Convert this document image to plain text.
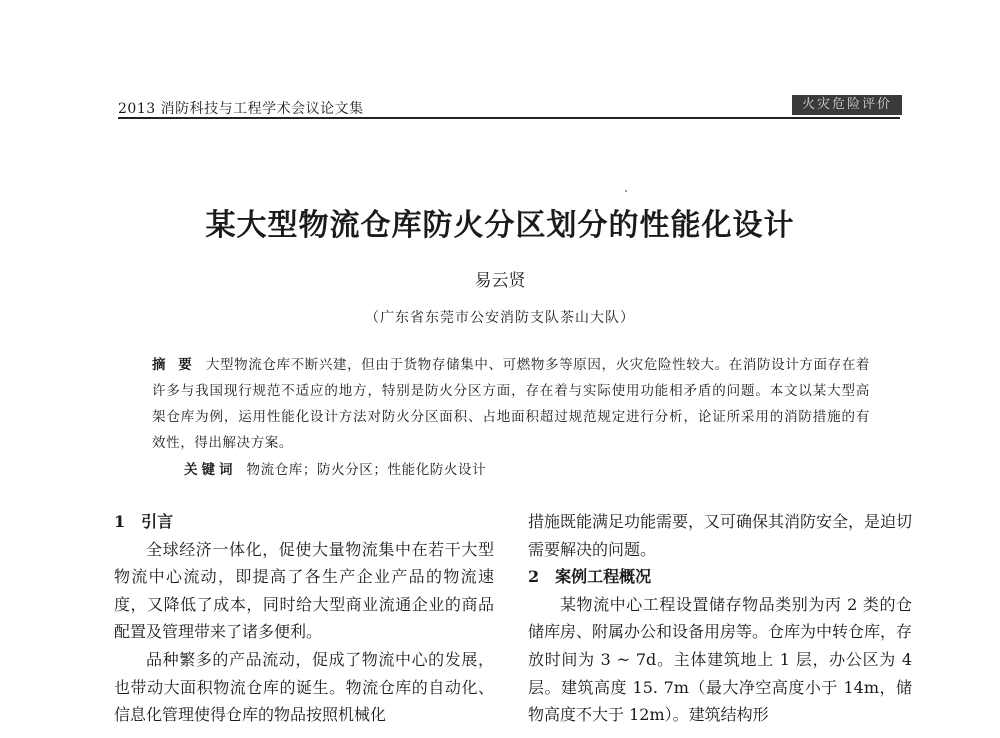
2013 消防科技与工程学术会议论文集	火灾危险评价
某大型物流仓库防火分区划分的性能化设计
易云贤
（广东省东莞市公安消防支队茶山大队）
摘 要 大型物流仓库不断兴建，但由于货物存储集中、可燃物多等原因，火灾危险性较大。在消防设计方面存在着许多与我国现行规范不适应的地方，特别是防火分区方面，存在着与实际使用功能相矛盾的问题。本文以某大型高架仓库为例，运用性能化设计方法对防火分区面积、占地面积超过规范规定进行分析，论证所采用的消防措施的有效性，得出解决方案。
关键词 物流仓库；防火分区；性能化防火设计

1　引言

全球经济一体化，促使大量物流集中在若干大型物流中心流动，即提高了各生产企业产品的物流速度，又降低了成本，同时给大型商业流通企业的商品配置及管理带来了诸多便利。

品种繁多的产品流动，促成了物流中心的发展，也带动大面积物流仓库的诞生。物流仓库的自动化、信息化管理使得仓库的物品按照机械化

措施既能满足功能需要，又可确保其消防安全，是迫切需要解决的问题。

2　案例工程概况

某物流中心工程设置储存物品类别为丙 2 类的仓储库房、附属办公和设备用房等。仓库为中转仓库，存放时间为 3 ~ 7d。主体建筑地上 1 层，办公区为 4 层。建筑高度 15. 7m（最大净空高度小于 14m，储物高度不大于 12m）。建筑结构形
